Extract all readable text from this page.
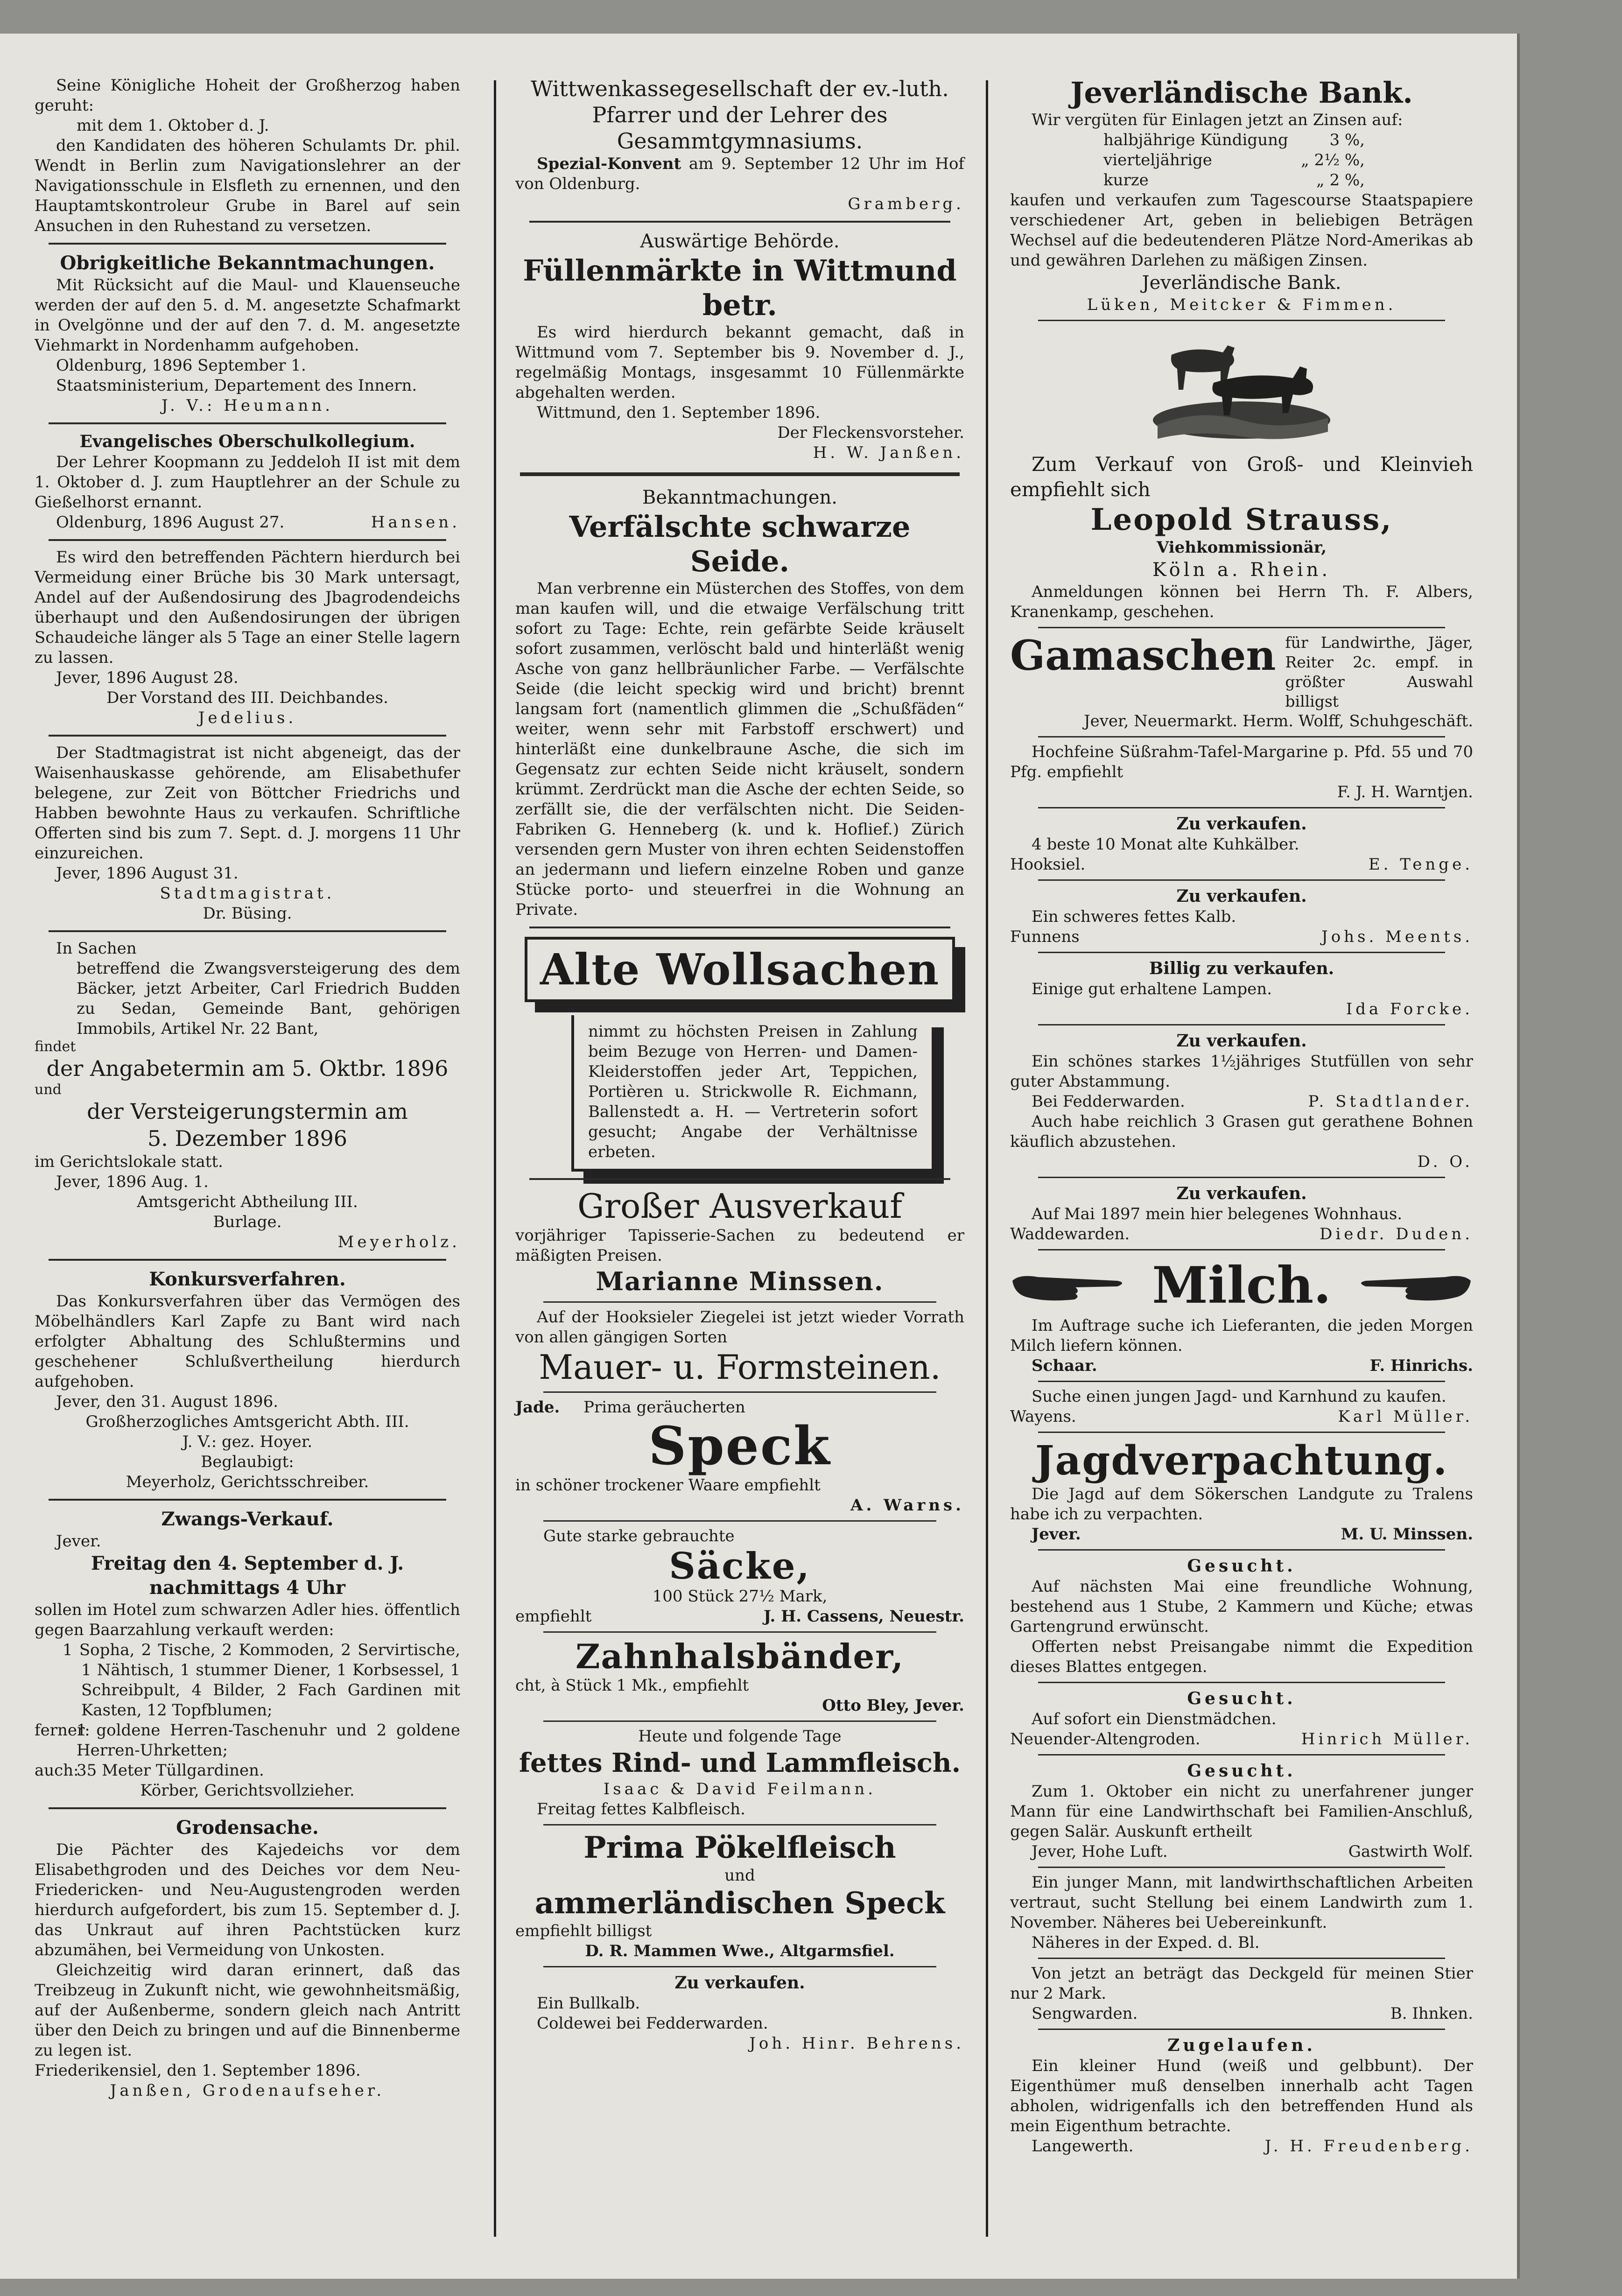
Seine Königliche Hoheit der Großherzog haben geruht:

mit dem 1. Oktober d. J.

den Kandidaten des höheren Schulamts Dr. phil. Wendt in Berlin zum Navigationslehrer an der Navigationsschule in Elsfleth zu ernennen, und den Hauptamtskontroleur Grube in Barel auf sein Ansuchen in den Ruhestand zu versetzen.

Obrigkeitliche Bekanntmachungen.

Mit Rücksicht auf die Maul- und Klauenseuche werden der auf den 5. d. M. angesetzte Schafmarkt in Ovelgönne und der auf den 7. d. M. angesetzte Viehmarkt in Nordenhamm aufgehoben.

Oldenburg, 1896 September 1.

Staatsministerium, Departement des Innern.

J. V.: Heumann.

Evangelisches Oberschulkollegium.

Der Lehrer Koopmann zu Jeddeloh II ist mit dem 1. Oktober d. J. zum Hauptlehrer an der Schule zu Gießelhorst ernannt.

Oldenburg, 1896 August 27.	Hansen.

Es wird den betreffenden Pächtern hierdurch bei Vermeidung einer Brüche bis 30 Mark untersagt, Andel auf der Außendosirung des Jbagrodendeichs überhaupt und den Außendosirungen der übrigen Schaudeiche länger als 5 Tage an einer Stelle lagern zu lassen.

Jever, 1896 August 28.

Der Vorstand des III. Deichbandes.

Jedelius.

Der Stadtmagistrat ist nicht abgeneigt, das der Waisenhauskasse gehörende, am Elisabethufer belegene, zur Zeit von Böttcher Friedrichs und Habben bewohnte Haus zu verkaufen. Schriftliche Offerten sind bis zum 7. Sept. d. J. morgens 11 Uhr einzureichen.

Jever, 1896 August 31.

Stadtmagistrat.

Dr. Büsing.

In Sachen

betreffend die Zwangsversteigerung des dem Bäcker, jetzt Arbeiter, Carl Friedrich Budden zu Sedan, Gemeinde Bant, gehörigen Immobils, Artikel Nr. 22 Bant,

findet

der Angabetermin am 5. Oktbr. 1896

und

der Versteigerungstermin am

5. Dezember 1896

im Gerichtslokale statt.

Jever, 1896 Aug. 1.

Amtsgericht Abtheilung III.

Burlage.

Meyerholz.

Konkursverfahren.

Das Konkursverfahren über das Vermögen des Möbelhändlers Karl Zapfe zu Bant wird nach erfolgter Abhaltung des Schlußtermins und geschehener Schlußvertheilung hierdurch aufgehoben.

Jever, den 31. August 1896.

Großherzogliches Amtsgericht Abth. III.

J. V.: gez. Hoyer.

Beglaubigt:

Meyerholz, Gerichtsschreiber.

Zwangs-Verkauf.

Jever.

Freitag den 4. September d. J.

nachmittags 4 Uhr

sollen im Hotel zum schwarzen Adler hies. öffentlich gegen Baarzahlung verkauft werden:

1 Sopha, 2 Tische, 2 Kommoden, 2 Servirtische, 1 Nähtisch, 1 stummer Diener, 1 Korbsessel, 1 Schreibpult, 4 Bilder, 2 Fach Gardinen mit Kasten, 12 Topfblumen;

ferner:
1 goldene Herren-Taschenuhr und 2 goldene Herren-Uhrketten;
auch:
35 Meter Tüllgardinen.

Körber, Gerichtsvollzieher.

Grodensache.

Die Pächter des Kajedeichs vor dem Elisabethgroden und des Deiches vor dem Neu-Friedericken- und Neu-Augustengroden werden hierdurch aufgefordert, bis zum 15. September d. J. das Unkraut auf ihren Pachtstücken kurz abzumähen, bei Vermeidung von Unkosten.

Gleichzeitig wird daran erinnert, daß das Treibzeug in Zukunft nicht, wie gewohnheitsmäßig, auf der Außenberme, sondern gleich nach Antritt über den Deich zu bringen und auf die Binnenberme zu legen ist.

Friederikensiel, den 1. September 1896.

Janßen, Grodenaufseher.

Wittwenkassegesellschaft der ev.-luth. Pfarrer und der Lehrer des Gesammtgymnasiums.

Spezial-Konvent am 9. September 12 Uhr im Hof von Oldenburg.

Gramberg.

Auswärtige Behörde.

Füllenmärkte in Wittmund betr.

Es wird hierdurch bekannt gemacht, daß in Wittmund vom 7. September bis 9. November d. J., regelmäßig Montags, insgesammt 10 Füllenmärkte abgehalten werden.

Wittmund, den 1. September 1896.

Der Fleckensvorsteher.

H. W. Janßen.

Bekanntmachungen.

Verfälschte schwarze Seide.

Man verbrenne ein Müsterchen des Stoffes, von dem man kaufen will, und die etwaige Verfälschung tritt sofort zu Tage: Echte, rein gefärbte Seide kräuselt sofort zusammen, verlöscht bald und hinterläßt wenig Asche von ganz hellbräunlicher Farbe. — Verfälschte Seide (die leicht speckig wird und bricht) brennt langsam fort (namentlich glimmen die „Schußfäden“ weiter, wenn sehr mit Farbstoff erschwert) und hinterläßt eine dunkelbraune Asche, die sich im Gegensatz zur echten Seide nicht kräuselt, sondern krümmt. Zerdrückt man die Asche der echten Seide, so zerfällt sie, die der verfälschten nicht. Die Seiden-Fabriken G. Henneberg (k. und k. Hoflief.) Zürich versenden gern Muster von ihren echten Seidenstoffen an jedermann und liefern einzelne Roben und ganze Stücke porto- und steuerfrei in die Wohnung an Private.

Alte Wollsachen

nimmt zu höchsten Preisen in Zahlung beim Bezuge von Herren- und Damen-Kleiderstoffen jeder Art, Teppichen, Portièren u. Strickwolle R. Eichmann, Ballenstedt a. H. — Vertreterin sofort gesucht; Angabe der Verhältnisse erbeten.

Großer Ausverkauf

vorjähriger Tapisserie-Sachen zu bedeutend er mäßigten Preisen.

Marianne Minssen.

Auf der Hooksieler Ziegelei ist jetzt wieder Vorrath von allen gängigen Sorten

Mauer- u. Formsteinen.

Jade. Prima geräucherten

Speck

in schöner trockener Waare empfiehlt

A. Warns.

Gute starke gebrauchte

Säcke,

100 Stück 27½ Mark,

empfiehlt	J. H. Cassens, Neuestr.

Zahnhalsbänder,

cht, à Stück 1 Mk., empfiehlt

Otto Bley, Jever.

Heute und folgende Tage

fettes Rind- und Lammfleisch.

Isaac & David Feilmann.

Freitag fettes Kalbfleisch.

Prima Pökelfleisch

und

ammerländischen Speck

empfiehlt billigst

D. R. Mammen Wwe., Altgarmsfiel.

Zu verkaufen.

Ein Bullkalb.

Coldewei bei Fedderwarden.

Joh. Hinr. Behrens.

Jeverländische Bank.

Wir vergüten für Einlagen jetzt an Zinsen auf:

halbjährige Kündigung	3 %,
vierteljährige	„ 2½ %,
kurze	„ 2 %,

kaufen und verkaufen zum Tagescourse Staatspapiere verschiedener Art, geben in beliebigen Beträgen Wechsel auf die bedeutenderen Plätze Nord-Amerikas ab und gewähren Darlehen zu mäßigen Zinsen.

Jeverländische Bank.

Lüken, Meitcker & Fimmen.

Zum Verkauf von Groß- und Kleinvieh empfiehlt sich

Leopold Strauss,

Viehkommissionär,

Köln a. Rhein.

Anmeldungen können bei Herrn Th. F. Albers, Kranenkamp, geschehen.

Gamaschen für Landwirthe, Jäger, Reiter 2c. empf. in größter Auswahl billigst

Jever, Neuermarkt. Herm. Wolff, Schuhgeschäft.

Hochfeine Süßrahm-Tafel-Margarine p. Pfd. 55 und 70 Pfg. empfiehlt

F. J. H. Warntjen.

Zu verkaufen.

4 beste 10 Monat alte Kuhkälber.

Hooksiel.	E. Tenge.

Zu verkaufen.

Ein schweres fettes Kalb.

Funnens	Johs. Meents.

Billig zu verkaufen.

Einige gut erhaltene Lampen.

Ida Forcke.

Zu verkaufen.

Ein schönes starkes 1½jähriges Stutfüllen von sehr guter Abstammung.

Bei Fedderwarden.	P. Stadtlander.

Auch habe reichlich 3 Grasen gut gerathene Bohnen käuflich abzustehen.

D. O.

Zu verkaufen.

Auf Mai 1897 mein hier belegenes Wohnhaus.

Waddewarden.	Diedr. Duden.
Milch.

Im Auftrage suche ich Lieferanten, die jeden Morgen Milch liefern können.

Schaar.	F. Hinrichs.

Suche einen jungen Jagd- und Karnhund zu kaufen.

Wayens.	Karl Müller.

Jagdverpachtung.

Die Jagd auf dem Sökerschen Landgute zu Tralens habe ich zu verpachten.

Jever.	M. U. Minssen.

Gesucht.

Auf nächsten Mai eine freundliche Wohnung, bestehend aus 1 Stube, 2 Kammern und Küche; etwas Gartengrund erwünscht.

Offerten nebst Preisangabe nimmt die Expedition dieses Blattes entgegen.

Gesucht.

Auf sofort ein Dienstmädchen.

Neuender-Altengroden.	Hinrich Müller.

Gesucht.

Zum 1. Oktober ein nicht zu unerfahrener junger Mann für eine Landwirthschaft bei Familien-Anschluß, gegen Salär. Auskunft ertheilt

Jever, Hohe Luft.	Gastwirth Wolf.

Ein junger Mann, mit landwirthschaftlichen Arbeiten vertraut, sucht Stellung bei einem Landwirth zum 1. November. Näheres bei Uebereinkunft.

Näheres in der Exped. d. Bl.

Von jetzt an beträgt das Deckgeld für meinen Stier nur 2 Mark.

Sengwarden.	B. Ihnken.

Zugelaufen.

Ein kleiner Hund (weiß und gelbbunt). Der Eigenthümer muß denselben innerhalb acht Tagen abholen, widrigenfalls ich den betreffenden Hund als mein Eigenthum betrachte.

Langewerth.	J. H. Freudenberg.
